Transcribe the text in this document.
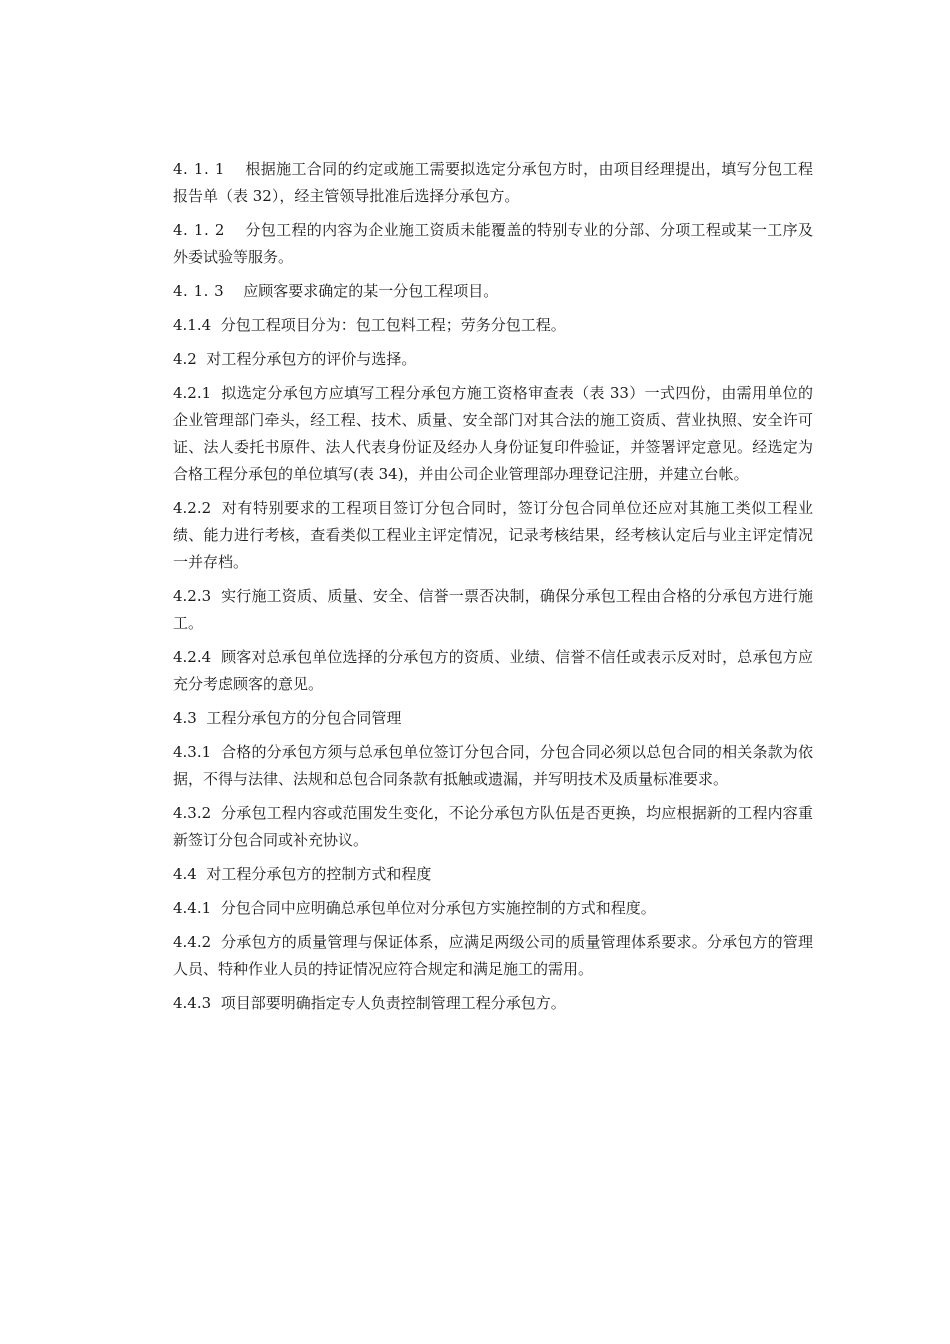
4. 1. 1 根据施工合同的约定或施工需要拟选定分承包方时，由项目经理提出，填写分包工程报告单（表 32），经主管领导批准后选择分承包方。

4. 1. 2 分包工程的内容为企业施工资质未能覆盖的特别专业的分部、分项工程或某一工序及外委试验等服务。

4. 1. 3 应顾客要求确定的某一分包工程项目。

4.1.4 分包工程项目分为：包工包料工程；劳务分包工程。

4.2 对工程分承包方的评价与选择。

4.2.1 拟选定分承包方应填写工程分承包方施工资格审查表（表 33）一式四份，由需用单位的企业管理部门牵头，经工程、技术、质量、安全部门对其合法的施工资质、营业执照、安全许可证、法人委托书原件、法人代表身份证及经办人身份证复印件验证，并签署评定意见。经选定为合格工程分承包的单位填写(表 34)，并由公司企业管理部办理登记注册，并建立台帐。

4.2.2 对有特别要求的工程项目签订分包合同时，签订分包合同单位还应对其施工类似工程业绩、能力进行考核，查看类似工程业主评定情况，记录考核结果，经考核认定后与业主评定情况一并存档。

4.2.3 实行施工资质、质量、安全、信誉一票否决制，确保分承包工程由合格的分承包方进行施工。

4.2.4 顾客对总承包单位选择的分承包方的资质、业绩、信誉不信任或表示反对时，总承包方应充分考虑顾客的意见。

4.3 工程分承包方的分包合同管理

4.3.1 合格的分承包方须与总承包单位签订分包合同，分包合同必须以总包合同的相关条款为依据，不得与法律、法规和总包合同条款有抵触或遗漏，并写明技术及质量标准要求。

4.3.2 分承包工程内容或范围发生变化，不论分承包方队伍是否更换，均应根据新的工程内容重新签订分包合同或补充协议。

4.4 对工程分承包方的控制方式和程度

4.4.1 分包合同中应明确总承包单位对分承包方实施控制的方式和程度。

4.4.2 分承包方的质量管理与保证体系，应满足两级公司的质量管理体系要求。分承包方的管理人员、特种作业人员的持证情况应符合规定和满足施工的需用。

4.4.3 项目部要明确指定专人负责控制管理工程分承包方。
